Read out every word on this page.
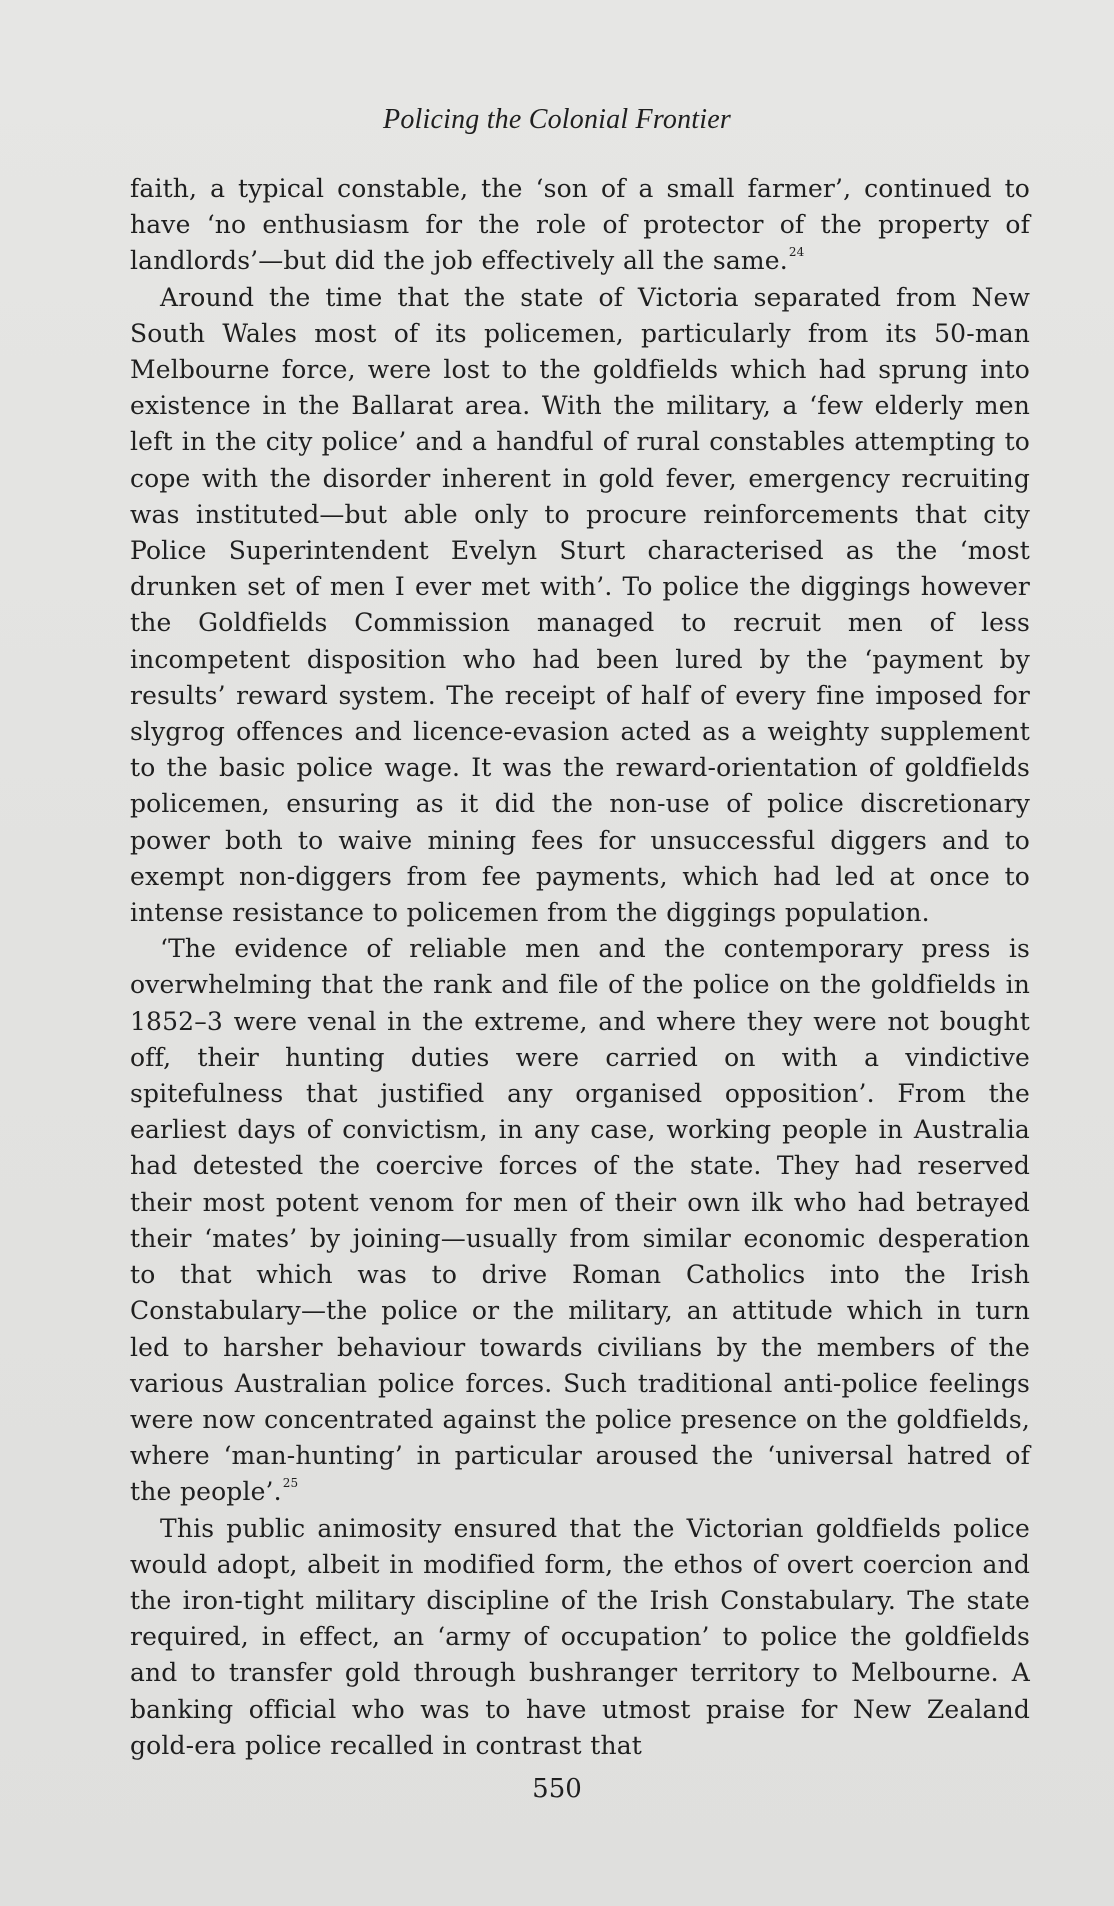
Policing the Colonial Frontier

faith, a typical constable, the ‘son of a small farmer’, continued to have ‘no enthusiasm for the role of protector of the property of landlords’—but did the job effectively all the same.$^{24}$

Around the time that the state of Victoria separated from New South Wales most of its policemen, particularly from its 50-man Melbourne force, were lost to the goldfields which had sprung into existence in the Ballarat area. With the military, a ‘few elderly men left in the city police’ and a handful of rural constables attempting to cope with the disorder inherent in gold fever, emergency recruiting was instituted—but able only to procure reinforcements that city Police Superintendent Evelyn Sturt characterised as the ‘most drunken set of men I ever met with’. To police the diggings however the Goldfields Commission managed to recruit men of less incompetent disposition who had been lured by the ‘payment by results’ reward system. The receipt of half of every fine imposed for slygrog offences and licence-evasion acted as a weighty supplement to the basic police wage. It was the reward-orientation of goldfields policemen, ensuring as it did the non-use of police discretionary power both to waive mining fees for unsuccessful diggers and to exempt non-diggers from fee payments, which had led at once to intense resistance to policemen from the diggings population.

‘The evidence of reliable men and the contemporary press is overwhelming that the rank and file of the police on the goldfields in 1852–3 were venal in the extreme, and where they were not bought off, their hunting duties were carried on with a vindictive spitefulness that justified any organised opposition’. From the earliest days of convictism, in any case, working people in Australia had detested the coercive forces of the state. They had reserved their most potent venom for men of their own ilk who had betrayed their ‘mates’ by joining—usually from similar economic desperation to that which was to drive Roman Catholics into the Irish Constabulary—the police or the military, an attitude which in turn led to harsher behaviour towards civilians by the members of the various Australian police forces. Such traditional anti-police feelings were now concentrated against the police presence on the goldfields, where ‘man-hunting’ in particular aroused the ‘universal hatred of the people’.$^{25}$

This public animosity ensured that the Victorian goldfields police would adopt, albeit in modified form, the ethos of overt coercion and the iron-tight military discipline of the Irish Constabulary. The state required, in effect, an ‘army of occupation’ to police the goldfields and to transfer gold through bushranger territory to Melbourne. A banking official who was to have utmost praise for New Zealand gold-era police recalled in contrast that

550
